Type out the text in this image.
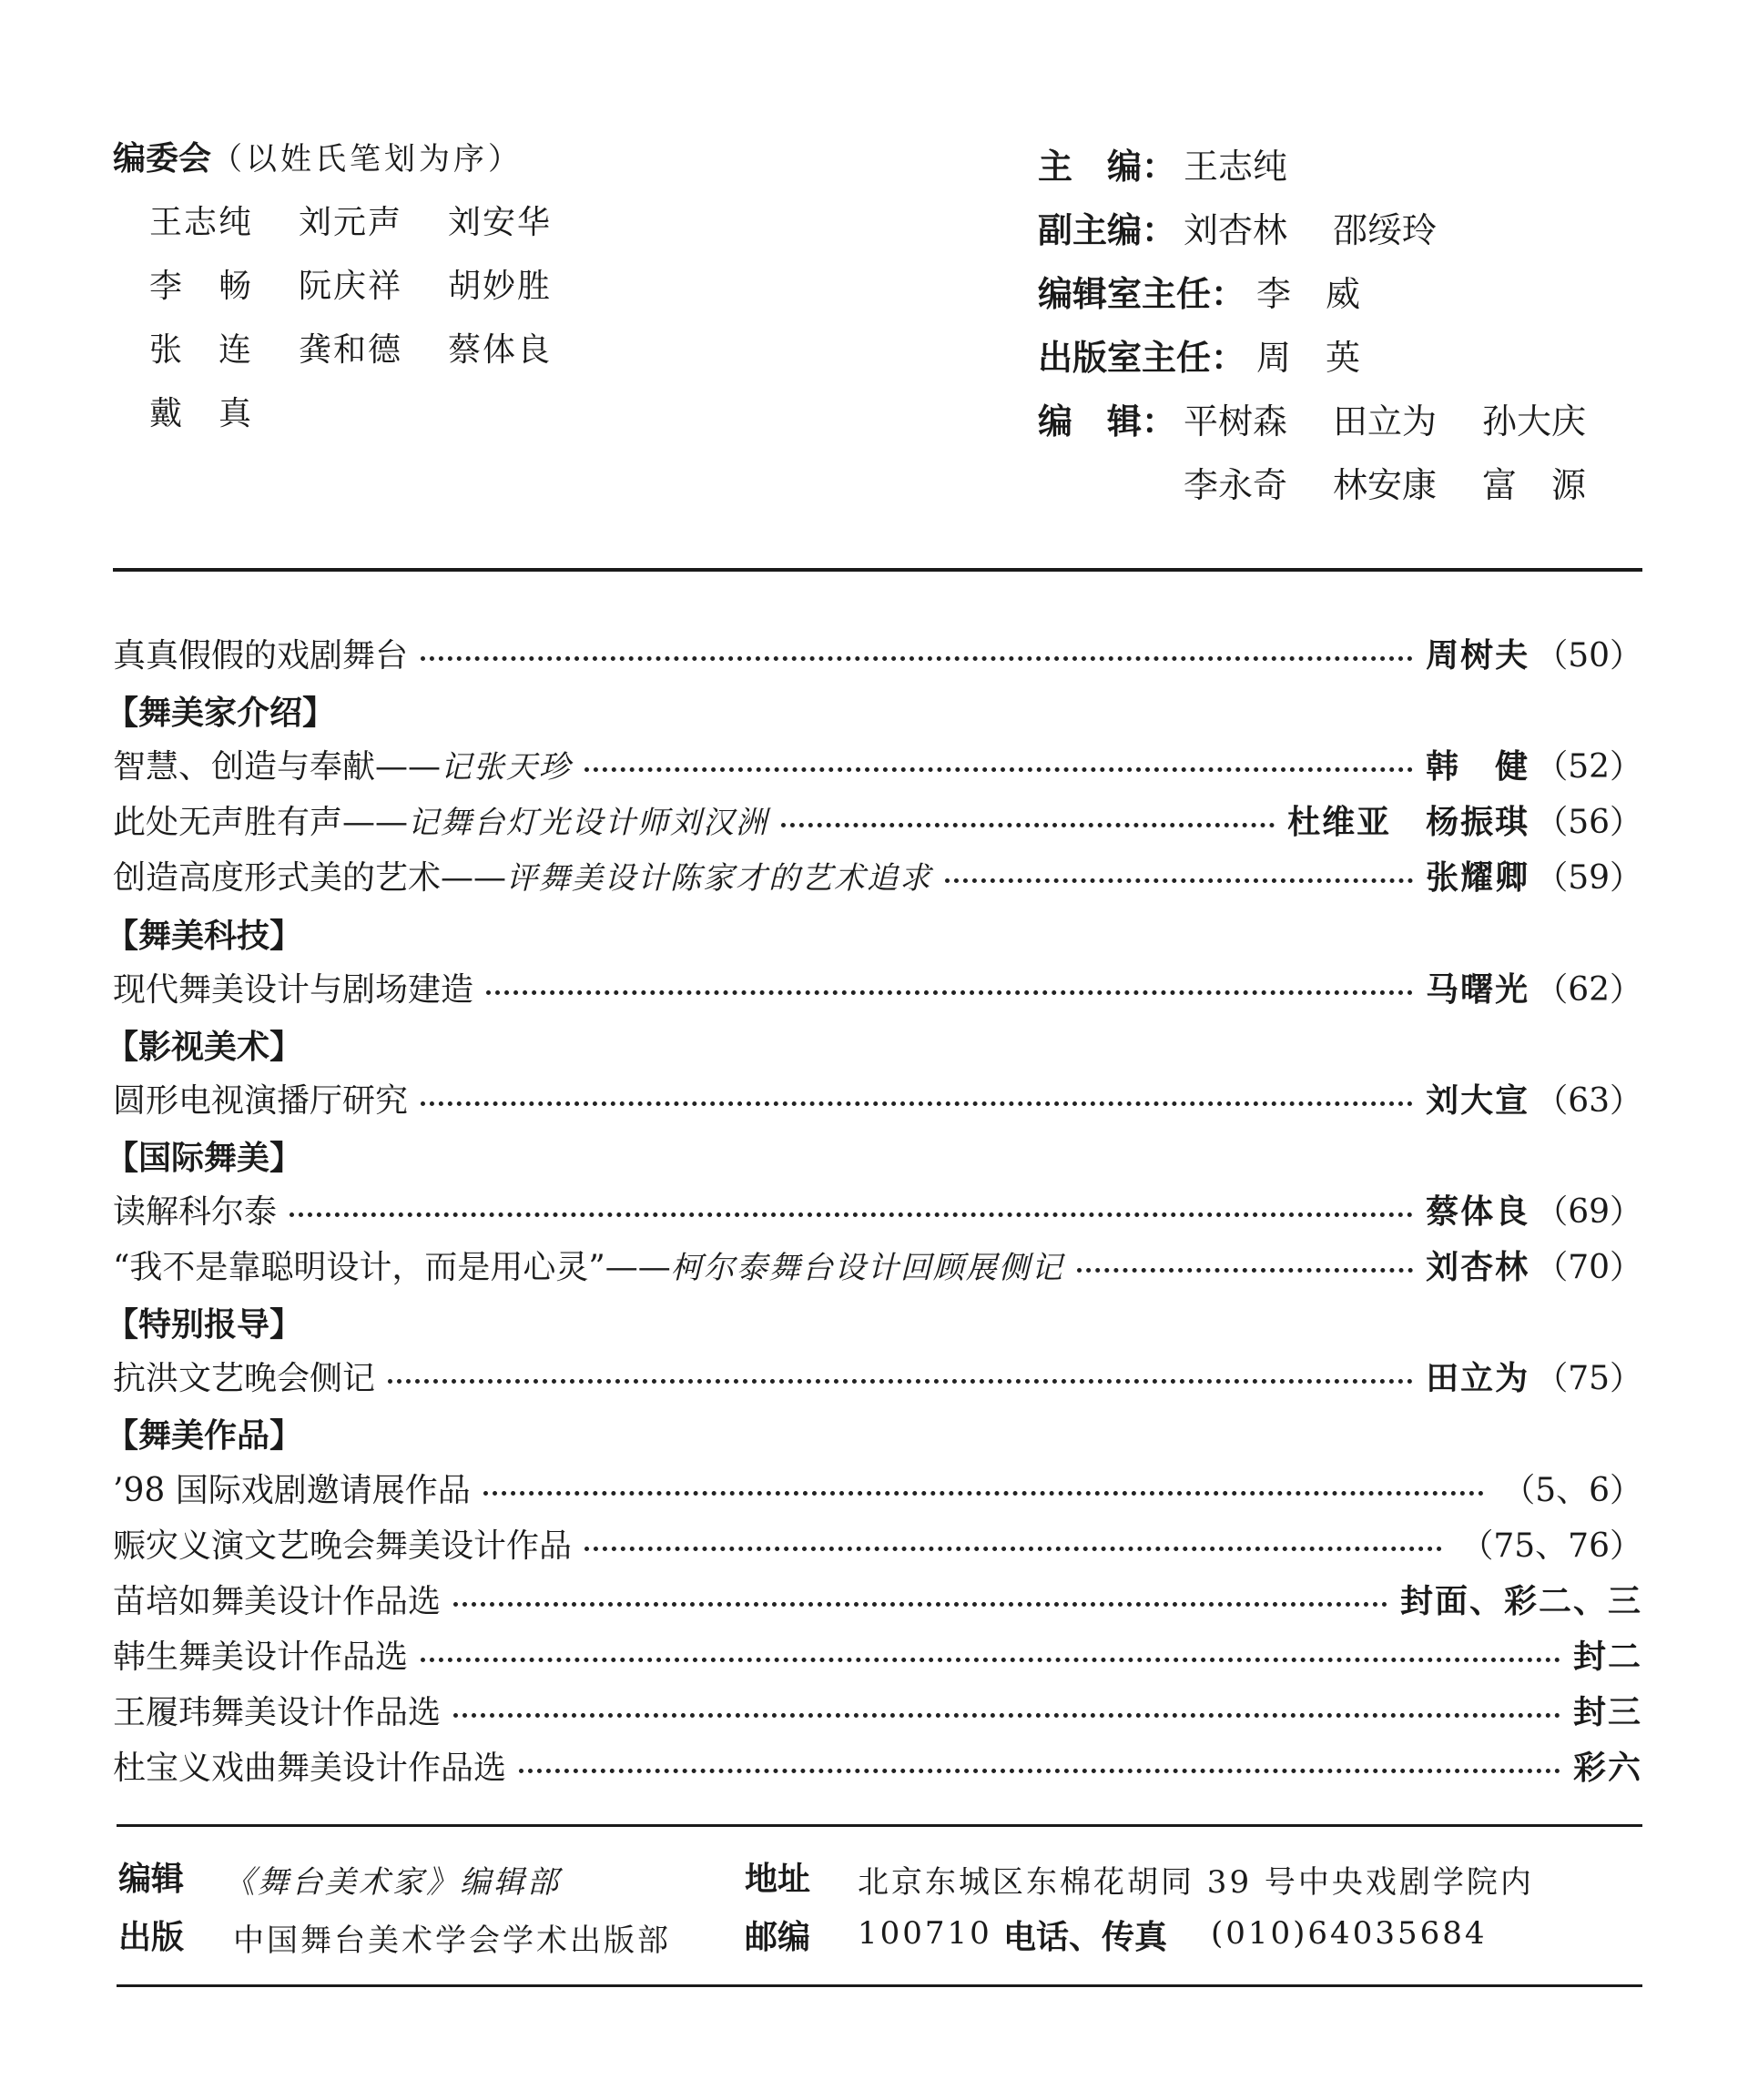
编委会（以姓氏笔划为序）
王志纯 刘元声 刘安华
李　畅 阮庆祥 胡妙胜
张　连 龚和德 蔡体良
戴　真
主　编： 王志纯
副主编： 刘杏林 邵绥玲
编辑室主任： 李　威
出版室主任： 周　英
编　辑： 平树森 田立为 孙大庆
李永奇 林安康 富　源
真真假假的戏剧舞台	周树夫 （50）
【舞美家介绍】
智慧、创造与奉献——记张天珍	韩　健 （52）
此处无声胜有声——记舞台灯光设计师刘汉洲	杜维亚　杨振琪 （56）
创造高度形式美的艺术——评舞美设计陈家才的艺术追求	张耀卿 （59）
【舞美科技】
现代舞美设计与剧场建造	马曙光 （62）
【影视美术】
圆形电视演播厅研究	刘大宣 （63）
【国际舞美】
读解科尔泰	蔡体良 （69）
“我不是靠聪明设计，而是用心灵”——柯尔泰舞台设计回顾展侧记	刘杏林 （70）
【特别报导】
抗洪文艺晚会侧记	田立为 （75）
【舞美作品】
’98 国际戏剧邀请展作品	（5、6）
赈灾义演文艺晚会舞美设计作品	（75、76）
苗培如舞美设计作品选	封面、彩二、三
韩生舞美设计作品选	封二
王履玮舞美设计作品选	封三
杜宝义戏曲舞美设计作品选	彩六
编辑 《舞台美术家》编辑部	地址 北京东城区东棉花胡同 39 号中央戏剧学院内
出版 中国舞台美术学会学术出版部 邮编 100710 电话、传真 (010)64035684
